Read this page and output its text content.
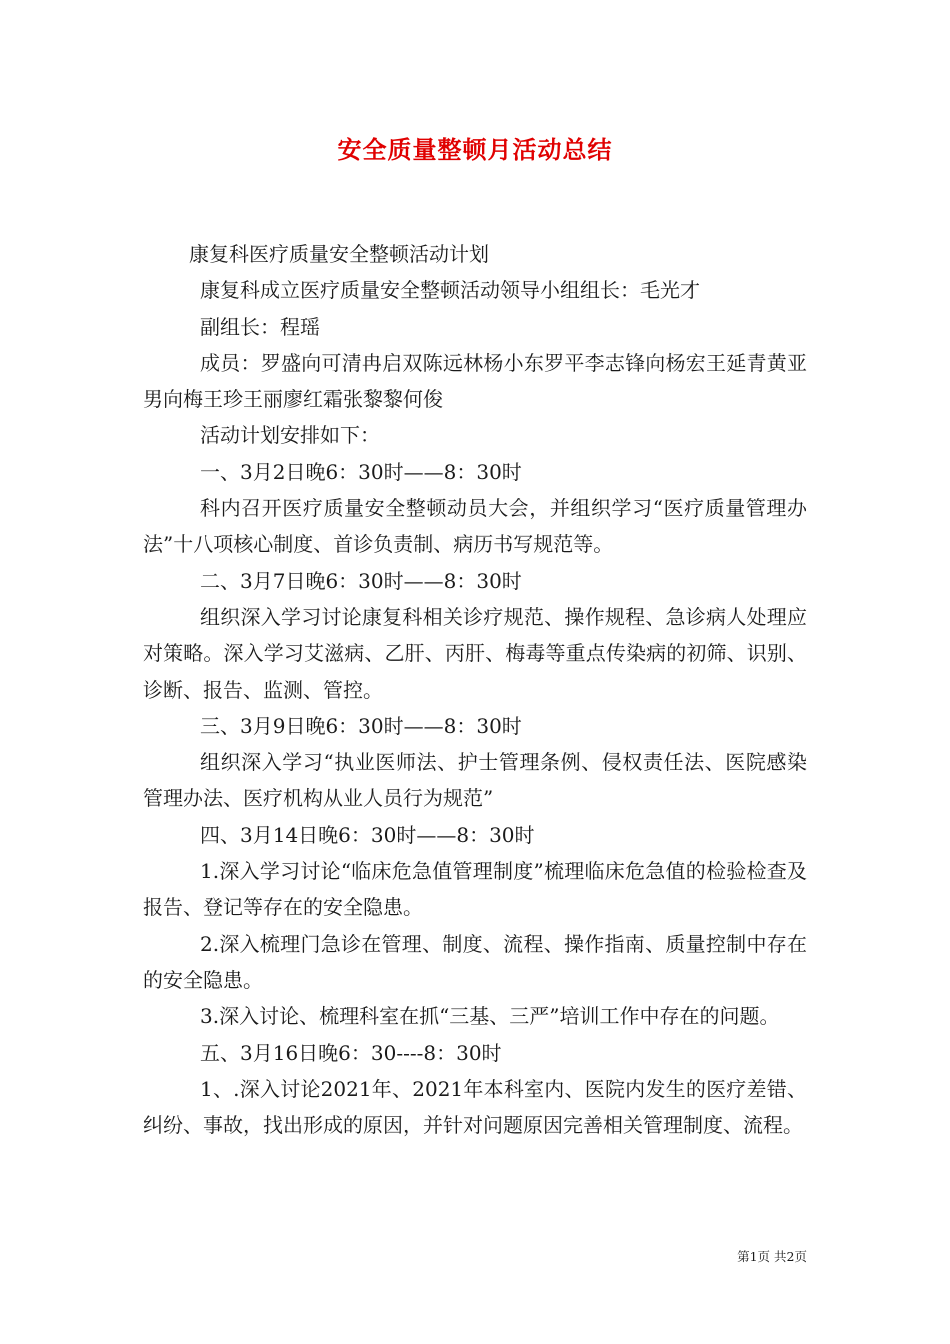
安全质量整顿月活动总结

康复科医疗质量安全整顿活动计划

康复科成立医疗质量安全整顿活动领导小组组长：毛光才

副组长：程瑶

成员：罗盛向可清冉启双陈远林杨小东罗平李志锋向杨宏王延青黄亚男向梅王珍王丽廖红霜张黎黎何俊

活动计划安排如下：

一、3月2日晚6：30时——8：30时

科内召开医疗质量安全整顿动员大会，并组织学习“医疗质量管理办法”十八项核心制度、首诊负责制、病历书写规范等。

二、3月7日晚6：30时——8：30时

组织深入学习讨论康复科相关诊疗规范、操作规程、急诊病人处理应对策略。深入学习艾滋病、乙肝、丙肝、梅毒等重点传染病的初筛、识别、诊断、报告、监测、管控。

三、3月9日晚6：30时——8：30时

组织深入学习“执业医师法、护士管理条例、侵权责任法、医院感染管理办法、医疗机构从业人员行为规范”

四、3月14日晚6：30时——8：30时

1.深入学习讨论“临床危急值管理制度”梳理临床危急值的检验检查及报告、登记等存在的安全隐患。

2.深入梳理门急诊在管理、制度、流程、操作指南、质量控制中存在的安全隐患。

3.深入讨论、梳理科室在抓“三基、三严”培训工作中存在的问题。

五、3月16日晚6：30----8：30时

1、.深入讨论2021年、2021年本科室内、医院内发生的医疗差错、纠纷、事故，找出形成的原因，并针对问题原因完善相关管理制度、流程。

第1页 共2页
